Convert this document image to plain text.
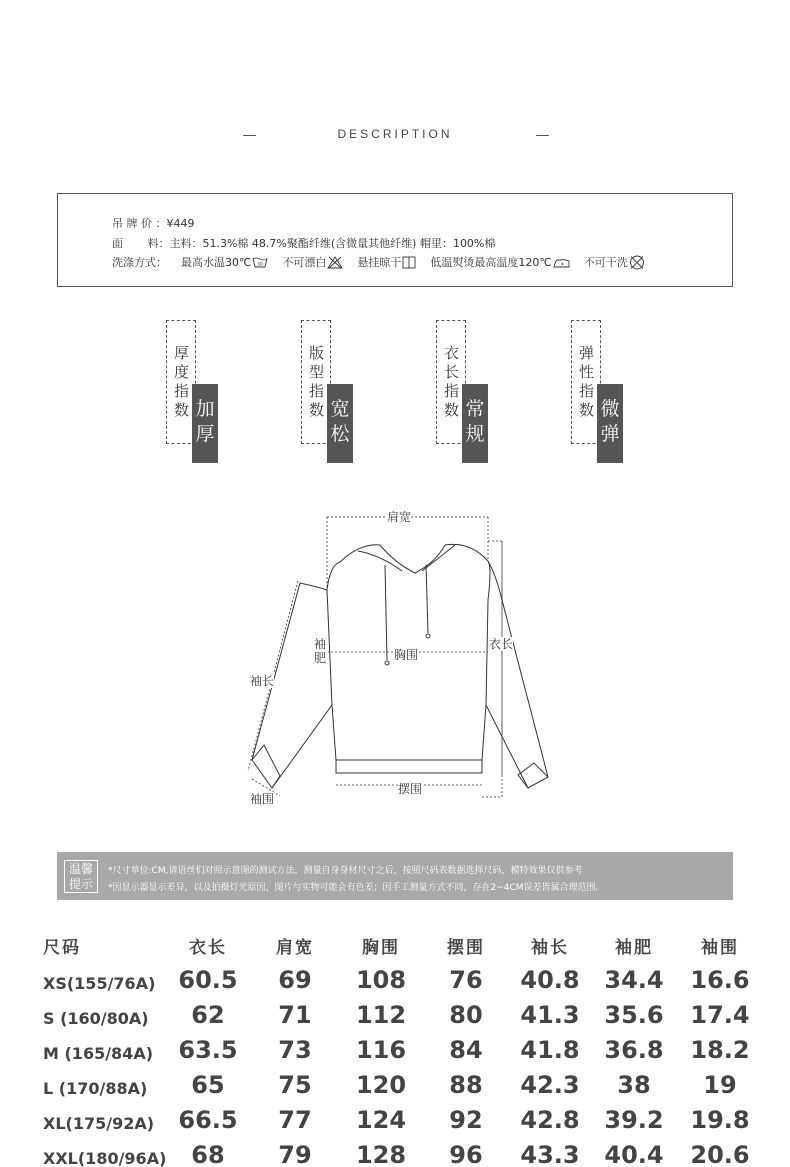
DESCRIPTION
吊 牌 价 ：¥449
面       料：主料：51.3%棉 48.7%聚酯纤维(含微量其他纤维) 帽里：100%棉
洗涤方式： 最高水温30℃ 30 不可漂白	悬挂晾干	低温熨烫最高温度120℃	不可干洗
厚度指数 加厚
版型指数 宽松
衣长指数 常规
弹性指数 微弹
肩宽
袖肥	胸围
衣长
袖长
袖围
摆围
温馨提示
*尺寸单位:CM,请语丝们对照示意图的测试方法，测量自身身材尺寸之后，按照尺码表数据选择尺码，模特效果仅供参考
*因显示器显示差异，以及拍摄灯光原因，图片与实物可能会有色差；因手工测量方式不同，存在2~4CM误差皆属合理范围。
尺码	衣长	肩宽	胸围	摆围	袖长	袖肥	袖围
XS(155/76A) 60.5	69	108	76	40.8	34.4	16.6
S (160/80A)	62	71	112	80	41.3	35.6	17.4
M (165/84A)	63.5	73	116	84	41.8	36.8	18.2
L (170/88A)	65	75	120	88	42.3	38	19
XL(175/92A)	66.5	77	124	92	42.8	39.2	19.8
XXL(180/96A)	68	79	128	96	43.3	40.4	20.6
